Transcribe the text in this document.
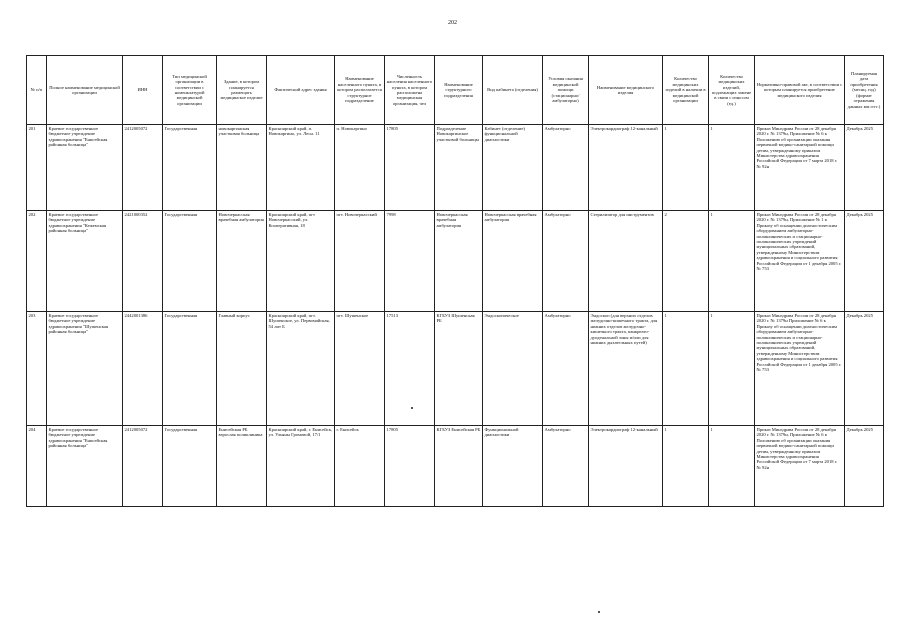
202
№ п/п	Полное наименование медицинской организации	ИНН	Тип медицинской организации в соответствии с номенклатурой медицинской организации	Здание, в котором планируется размещать медицинское изделие	Фактический адрес здания	Наименование населенного пункта, в котором располагается структурное подразделение	Численность населения населенного пункта, в котором расположена медицинская организация, чел	Наименование структурного подразделения	Вид кабинета (отделения)	Условия оказания медицинской помощи (стационарно/ амбулаторно)	Наименование медицинского изделия	Количество медицинских изделий в наличии в медицинской организации	Количество медицинских изделий, подлежащих замене в связи с износом (ед.)	Нормативно-правовой акт, в соответствии с которым планируется приобретение медицинского изделия	Планируемая дата приобретения (месяц, год) (формат отражения данных мм гггг.)
201	Краевое государственное бюджетное учреждение здравоохранения "Енисейская районная больница"	2412005072	Государственная	новокаргинская участковая больница	Красноярский край, п. Новокаргино, ул. Лесн. 11	п. Новокаргино	17805	Подразделение Новокаргинское участковой больницы	Кабинет (отделение) функциональной диагностики	Амбулаторно	Электрокардиограф 12-канальный	1	1	Приказ Минздрава России от 28 декабря 2020 г. № 1379н, Приложение № 6 к Положению об организации оказания первичной медико-санитарной помощи детям, утвержденному приказом Министерства здравоохранения Российской Федерации от 7 марта 2018 г. № 92н	Декабрь 2025
202	Краевое государственное бюджетное учреждение здравоохранения "Кежемская районная больница"	2421000352	Государственная	Новочеркасская врачебная амбулатория	Красноярский край, пгт Новочеркасский, ул. Кооперативная, 18	пгт. Новочеркасский	7998	Новочеркасская врачебная амбулатория	Новочеркасская врачебная амбулатория	Амбулаторно	Стерилизатор для инструментов	2	1	Приказ Минздрава России от 28 декабря 2020 г. № 1379н, Приложение № 1 к Приказу об оснащении диагностическим оборудованием амбулаторно-поликлинических и стационарно-поликлинических учреждений муниципальных образований, утвержденному Министерством здравоохранения и социального развития Российской Федерации от 1 декабря 2005 г. № 753	Декабрь 2025
203	Краевое государственное бюджетное учреждение здравоохранения "Шушенская районная больница"	2442001386	Государственная	Главный корпус	Красноярский край, пгт. Шушенское, ул. Первомайская, 54 лит Б	пгт. Шушенское	17513	КГБУЗ Шушенская РБ	Эндоскопическое	Амбулаторно	Эндоскоп (для верхних отделов желудочно-кишечного тракта, для нижних отделов желудочно-кишечного тракта, панкреато-дуоденальной зоны и/или для нижних дыхательных путей)	1	1	Приказ Минздрава России от 28 декабря 2020 г. № 1379н Приложение № 6 к Приказу об оснащении диагностическим оборудованием амбулаторно-поликлинических и стационарно-поликлинических учреждений муниципальных образований, утвержденному Министерством здравоохранения и социального развития Российской Федерации от 1 декабря 2005 г. № 753	Декабрь 2025
204	Краевое государственное бюджетное учреждение здравоохранения "Енисейская районная больница"	2412005072	Государственная	Енисейская РБ взрослая поликлиника	Красноярский край, г. Енисейск, ул. Ульяны Громовой, 17/1	г. Енисейск	17805	КГБУЗ Енисейская РБ	Функциональной диагностики	Амбулаторно	Электрокардиограф 12-канальный	1	1	Приказ Минздрава России от 28 декабря 2020 г. № 1379н, Приложение № 6 к Положению об организации оказания первичной медико-санитарной помощи детям, утвержденному приказом Министерства здравоохранения Российской Федерации от 7 марта 2018 г. № 92н	Декабрь 2025
